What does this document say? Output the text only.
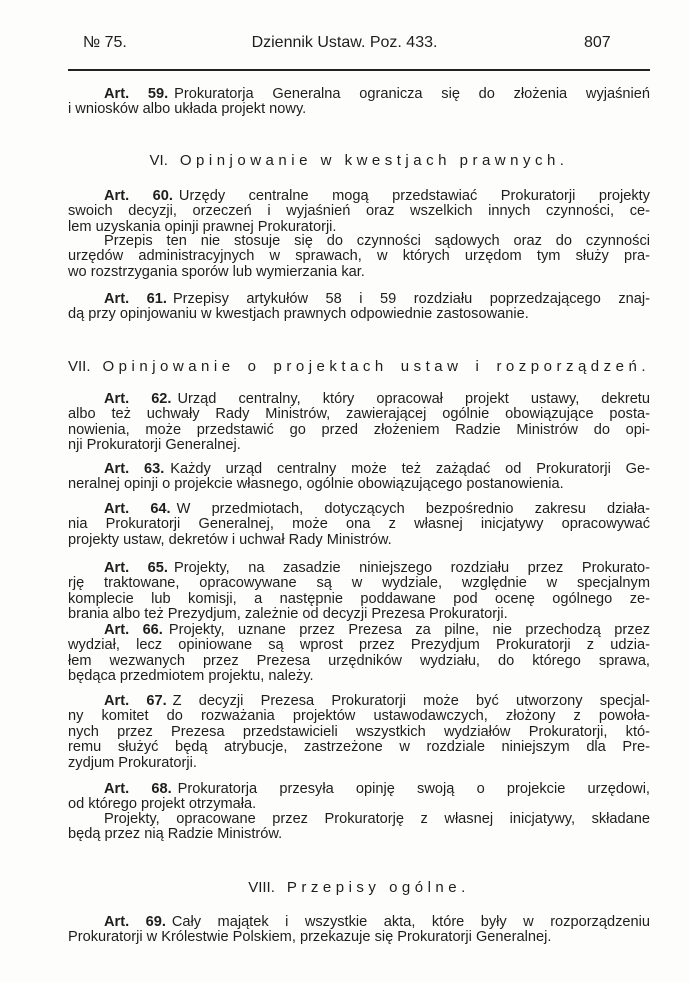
№ 75.	Dziennik Ustaw. Poz. 433.	807
Art. 59. Prokuratorja Generalna ogranicza się do złożenia wyjaśnień
i wniosków albo układa projekt nowy.
VI. Opinjowanie w kwestjach prawnych.
Art. 60. Urzędy centralne mogą przedstawiać Prokuratorji projekty
swoich decyzji, orzeczeń i wyjaśnień oraz wszelkich innych czynności, ce-
lem uzyskania opinji prawnej Prokuratorji.
Przepis ten nie stosuje się do czynności sądowych oraz do czynności
urzędów administracyjnych w sprawach, w których urzędom tym służy pra-
wo rozstrzygania sporów lub wymierzania kar.
Art. 61. Przepisy artykułów 58 i 59 rozdziału poprzedzającego znaj-
dą przy opinjowaniu w kwestjach prawnych odpowiednie zastosowanie.
VII. Opinjowanie o projektach ustaw i rozporządzeń.
Art. 62. Urząd centralny, który opracował projekt ustawy, dekretu
albo też uchwały Rady Ministrów, zawierającej ogólnie obowiązujące posta-
nowienia, może przedstawić go przed złożeniem Radzie Ministrów do opi-
nji Prokuratorji Generalnej.
Art. 63. Każdy urząd centralny może też zażądać od Prokuratorji Ge-
neralnej opinji o projekcie własnego, ogólnie obowiązującego postanowienia.
Art. 64. W przedmiotach, dotyczących bezpośrednio zakresu działa-
nia Prokuratorji Generalnej, może ona z własnej inicjatywy opracowywać
projekty ustaw, dekretów i uchwał Rady Ministrów.
Art. 65. Projekty, na zasadzie niniejszego rozdziału przez Prokurato-
rję traktowane, opracowywane są w wydziale, względnie w specjalnym
komplecie lub komisji, a następnie poddawane pod ocenę ogólnego ze-
brania albo też Prezydjum, zależnie od decyzji Prezesa Prokuratorji.
Art. 66. Projekty, uznane przez Prezesa za pilne, nie przechodzą przez
wydział, lecz opiniowane są wprost przez Prezydjum Prokuratorji z udzia-
łem wezwanych przez Prezesa urzędników wydziału, do którego sprawa,
będąca przedmiotem projektu, należy.
Art. 67. Z decyzji Prezesa Prokuratorji może być utworzony specjal-
ny komitet do rozważania projektów ustawodawczych, złożony z powoła-
nych przez Prezesa przedstawicieli wszystkich wydziałów Prokuratorji, któ-
remu służyć będą atrybucje, zastrzeżone w rozdziale niniejszym dla Pre-
zydjum Prokuratorji.
Art. 68. Prokuratorja przesyła opinję swoją o projekcie urzędowi,
od którego projekt otrzymała.
Projekty, opracowane przez Prokuratorję z własnej inicjatywy, składane
będą przez nią Radzie Ministrów.
VIII. Przepisy ogólne.
Art. 69. Cały majątek i wszystkie akta, które były w rozporządzeniu
Prokuratorji w Królestwie Polskiem, przekazuje się Prokuratorji Generalnej.
